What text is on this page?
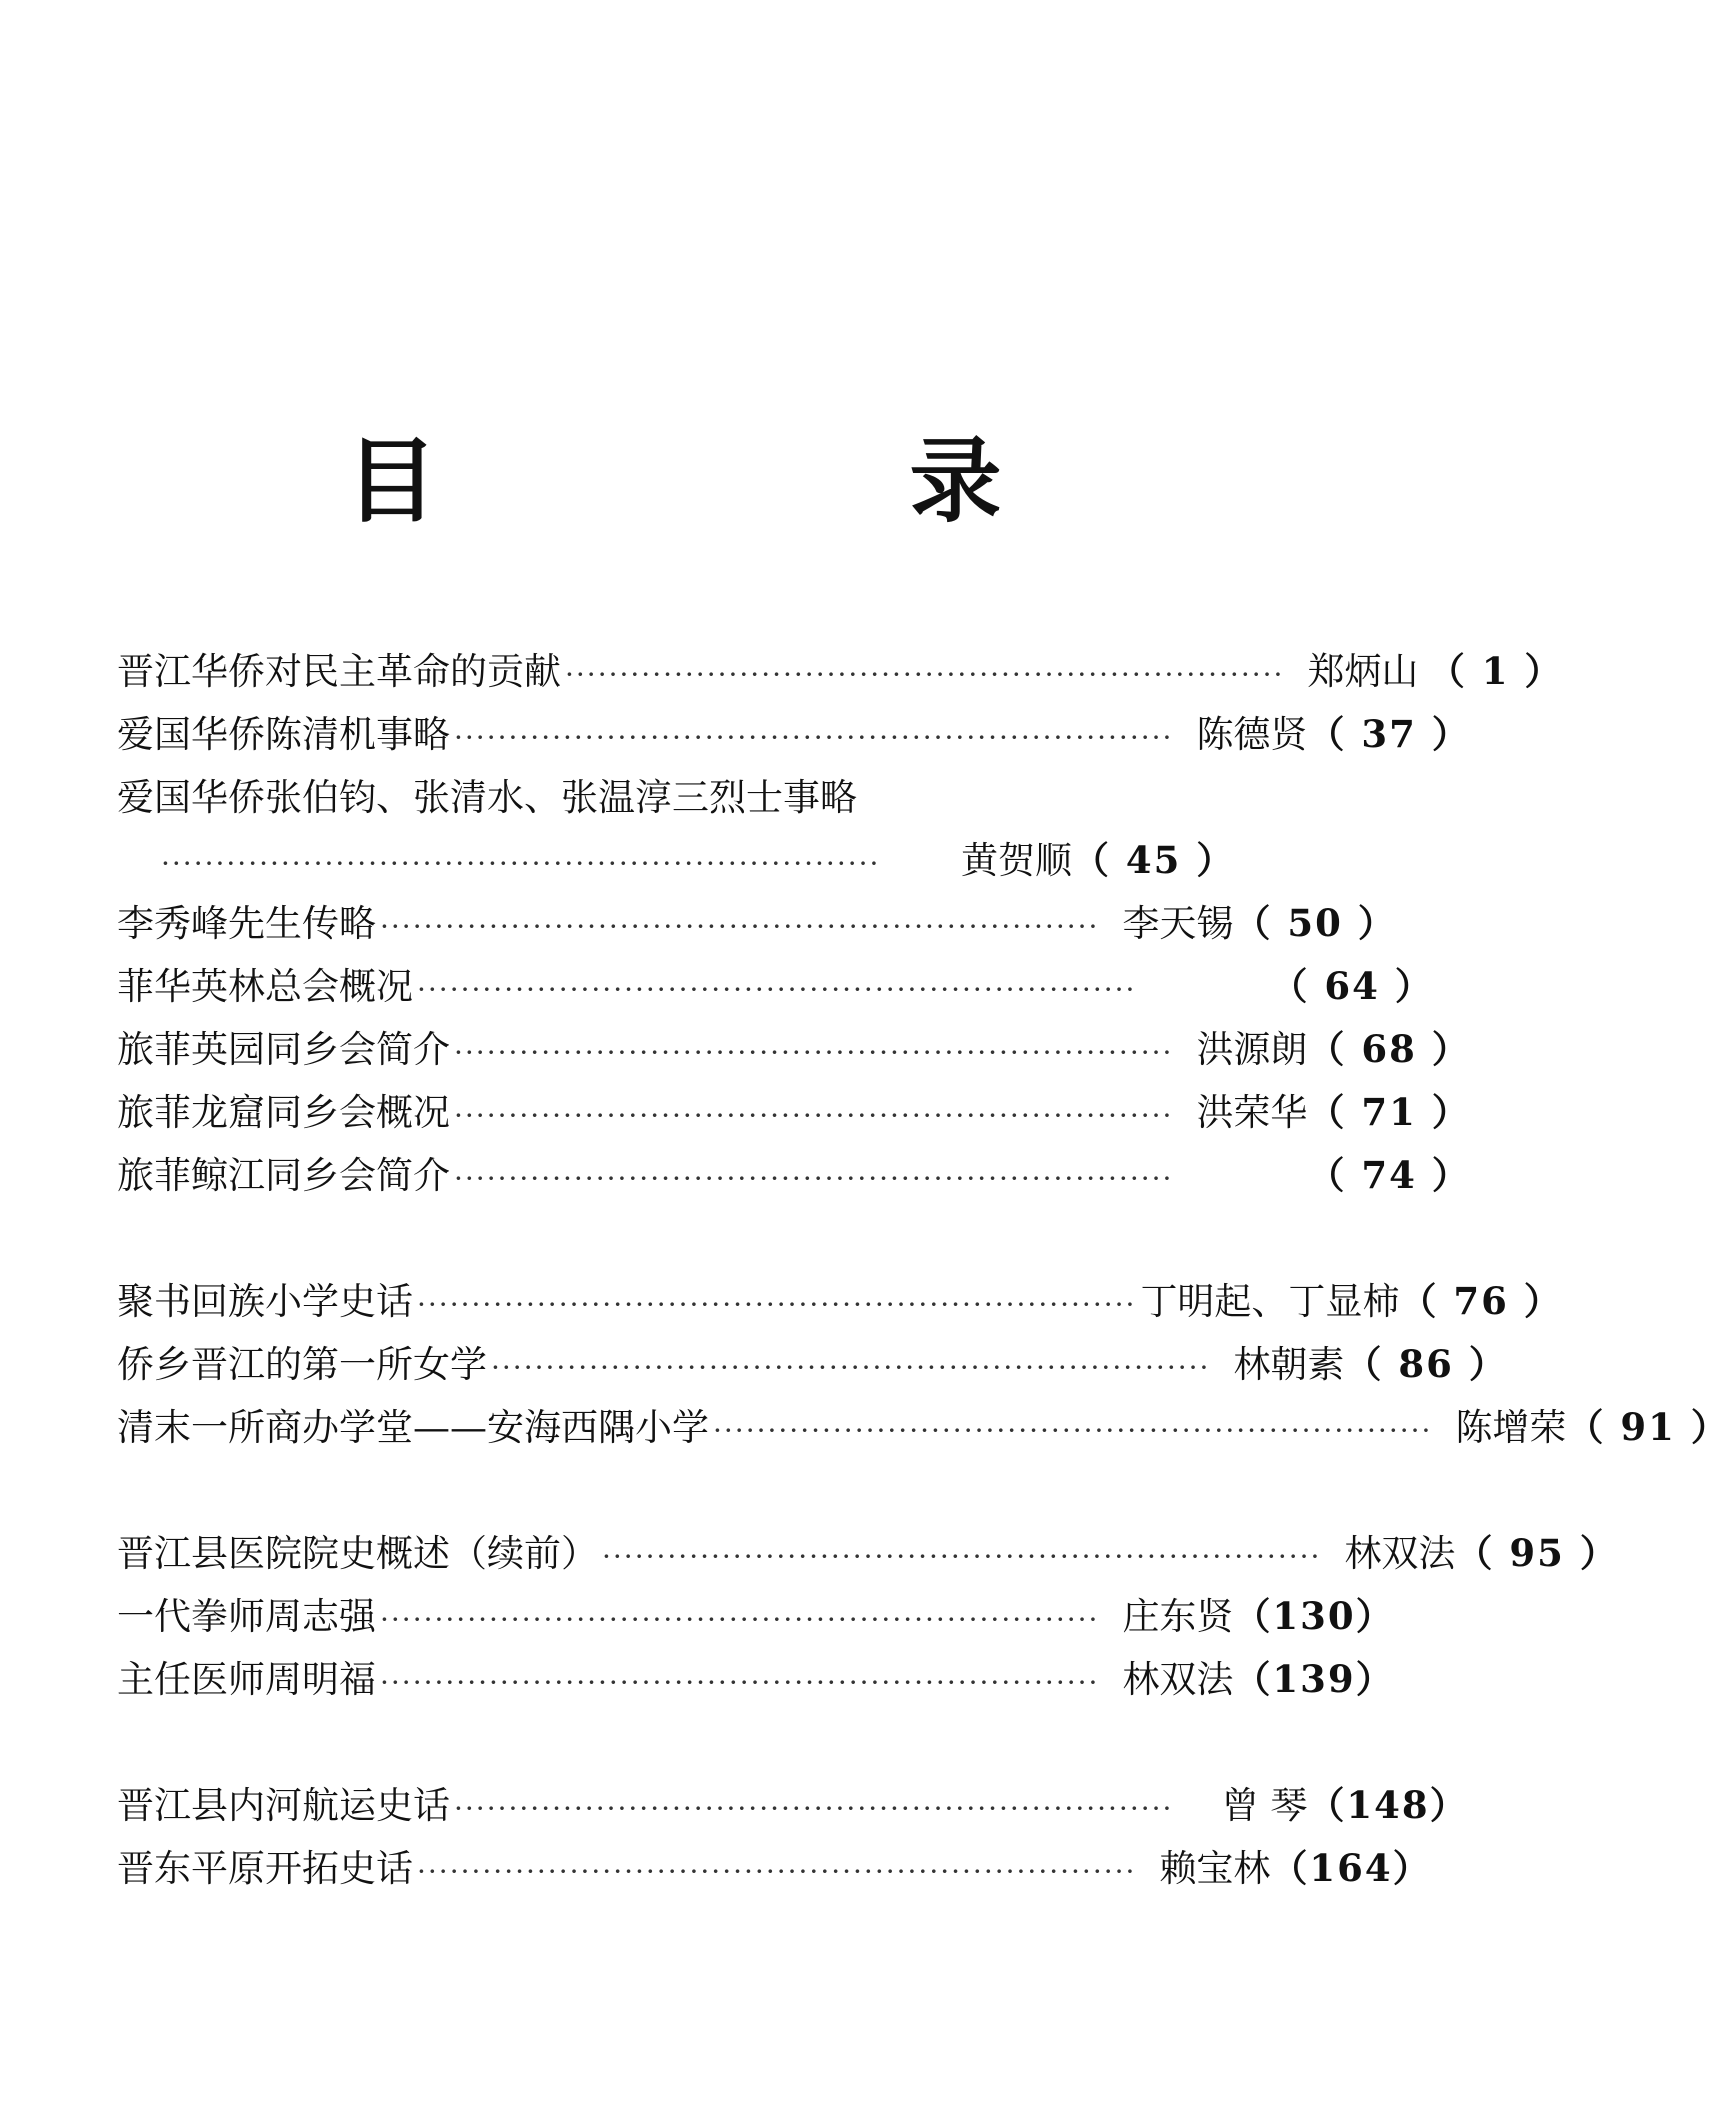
目 录
晋江华侨对民主革命的贡献 ·································································· 郑炳山 （ 1 ）
爱国华侨陈清机事略 ·································································· 陈德贤 （ 37 ）
爱国华侨张伯钧、张清水、张温淳三烈士事略
··································································	黄贺顺 （ 45 ）
李秀峰先生传略 ·································································· 李天锡 （ 50 ）
菲华英林总会概况 ··································································	（ 64 ）
旅菲英园同乡会简介 ·································································· 洪源朗 （ 68 ）
旅菲龙窟同乡会概况 ·································································· 洪荣华 （ 71 ）
旅菲鲸江同乡会简介 ··································································	（ 74 ）
聚书回族小学史话 ·································································· 丁明起、丁显柿 （ 76 ）
侨乡晋江的第一所女学 ·································································· 林朝素 （ 86 ）
清末一所商办学堂——安海西隅小学 ·································································· 陈增荣 （ 91 ）
晋江县医院院史概述（续前） ·································································· 林双法 （ 95 ）
一代拳师周志强 ·································································· 庄东贤 （130）
主任医师周明福 ·································································· 林双法 （139）
晋江县内河航运史话 ··································································	曾 琴 （148）
晋东平原开拓史话 ·································································· 赖宝林 （164）
